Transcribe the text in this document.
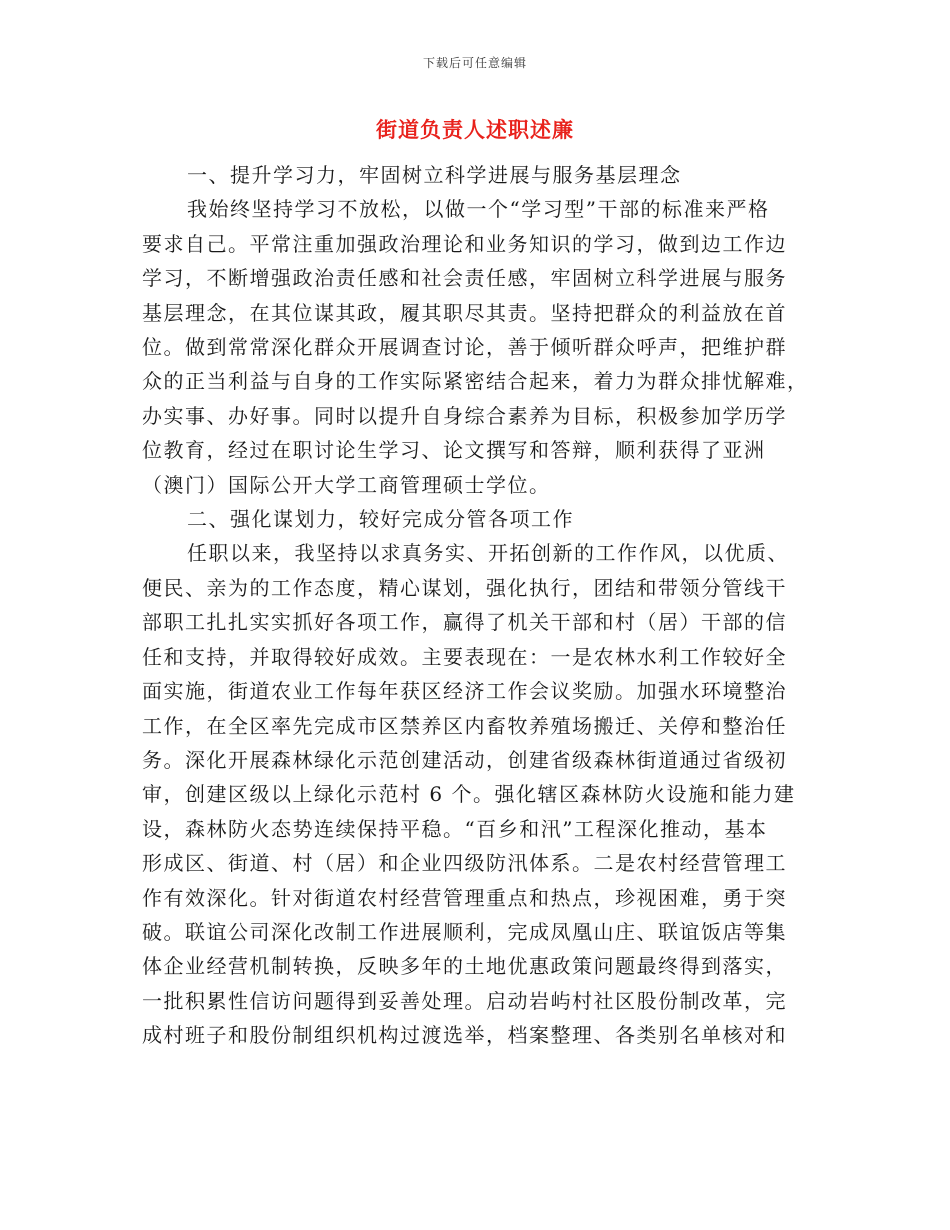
下载后可任意编辑
街道负责人述职述廉
一、提升学习力，牢固树立科学进展与服务基层理念
我始终坚持学习不放松，以做一个“学习型”干部的标准来严格
要求自己。平常注重加强政治理论和业务知识的学习，做到边工作边
学习，不断增强政治责任感和社会责任感，牢固树立科学进展与服务
基层理念，在其位谋其政，履其职尽其责。坚持把群众的利益放在首
位。做到常常深化群众开展调查讨论，善于倾听群众呼声，把维护群
众的正当利益与自身的工作实际紧密结合起来，着力为群众排忧解难，
办实事、办好事。同时以提升自身综合素养为目标，积极参加学历学
位教育，经过在职讨论生学习、论文撰写和答辩，顺利获得了亚洲
（澳门）国际公开大学工商管理硕士学位。
二、强化谋划力，较好完成分管各项工作
任职以来，我坚持以求真务实、开拓创新的工作作风，以优质、
便民、亲为的工作态度，精心谋划，强化执行，团结和带领分管线干
部职工扎扎实实抓好各项工作，赢得了机关干部和村（居）干部的信
任和支持，并取得较好成效。主要表现在：一是农林水利工作较好全
面实施，街道农业工作每年获区经济工作会议奖励。加强水环境整治
工作，在全区率先完成市区禁养区内畜牧养殖场搬迁、关停和整治任
务。深化开展森林绿化示范创建活动，创建省级森林街道通过省级初
审，创建区级以上绿化示范村 6 个。强化辖区森林防火设施和能力建
设，森林防火态势连续保持平稳。“百乡和汛”工程深化推动，基本
形成区、街道、村（居）和企业四级防汛体系。二是农村经营管理工
作有效深化。针对街道农村经营管理重点和热点，珍视困难，勇于突
破。联谊公司深化改制工作进展顺利，完成凤凰山庄、联谊饭店等集
体企业经营机制转换，反映多年的土地优惠政策问题最终得到落实，
一批积累性信访问题得到妥善处理。启动岩屿村社区股份制改革，完
成村班子和股份制组织机构过渡选举，档案整理、各类别名单核对和
